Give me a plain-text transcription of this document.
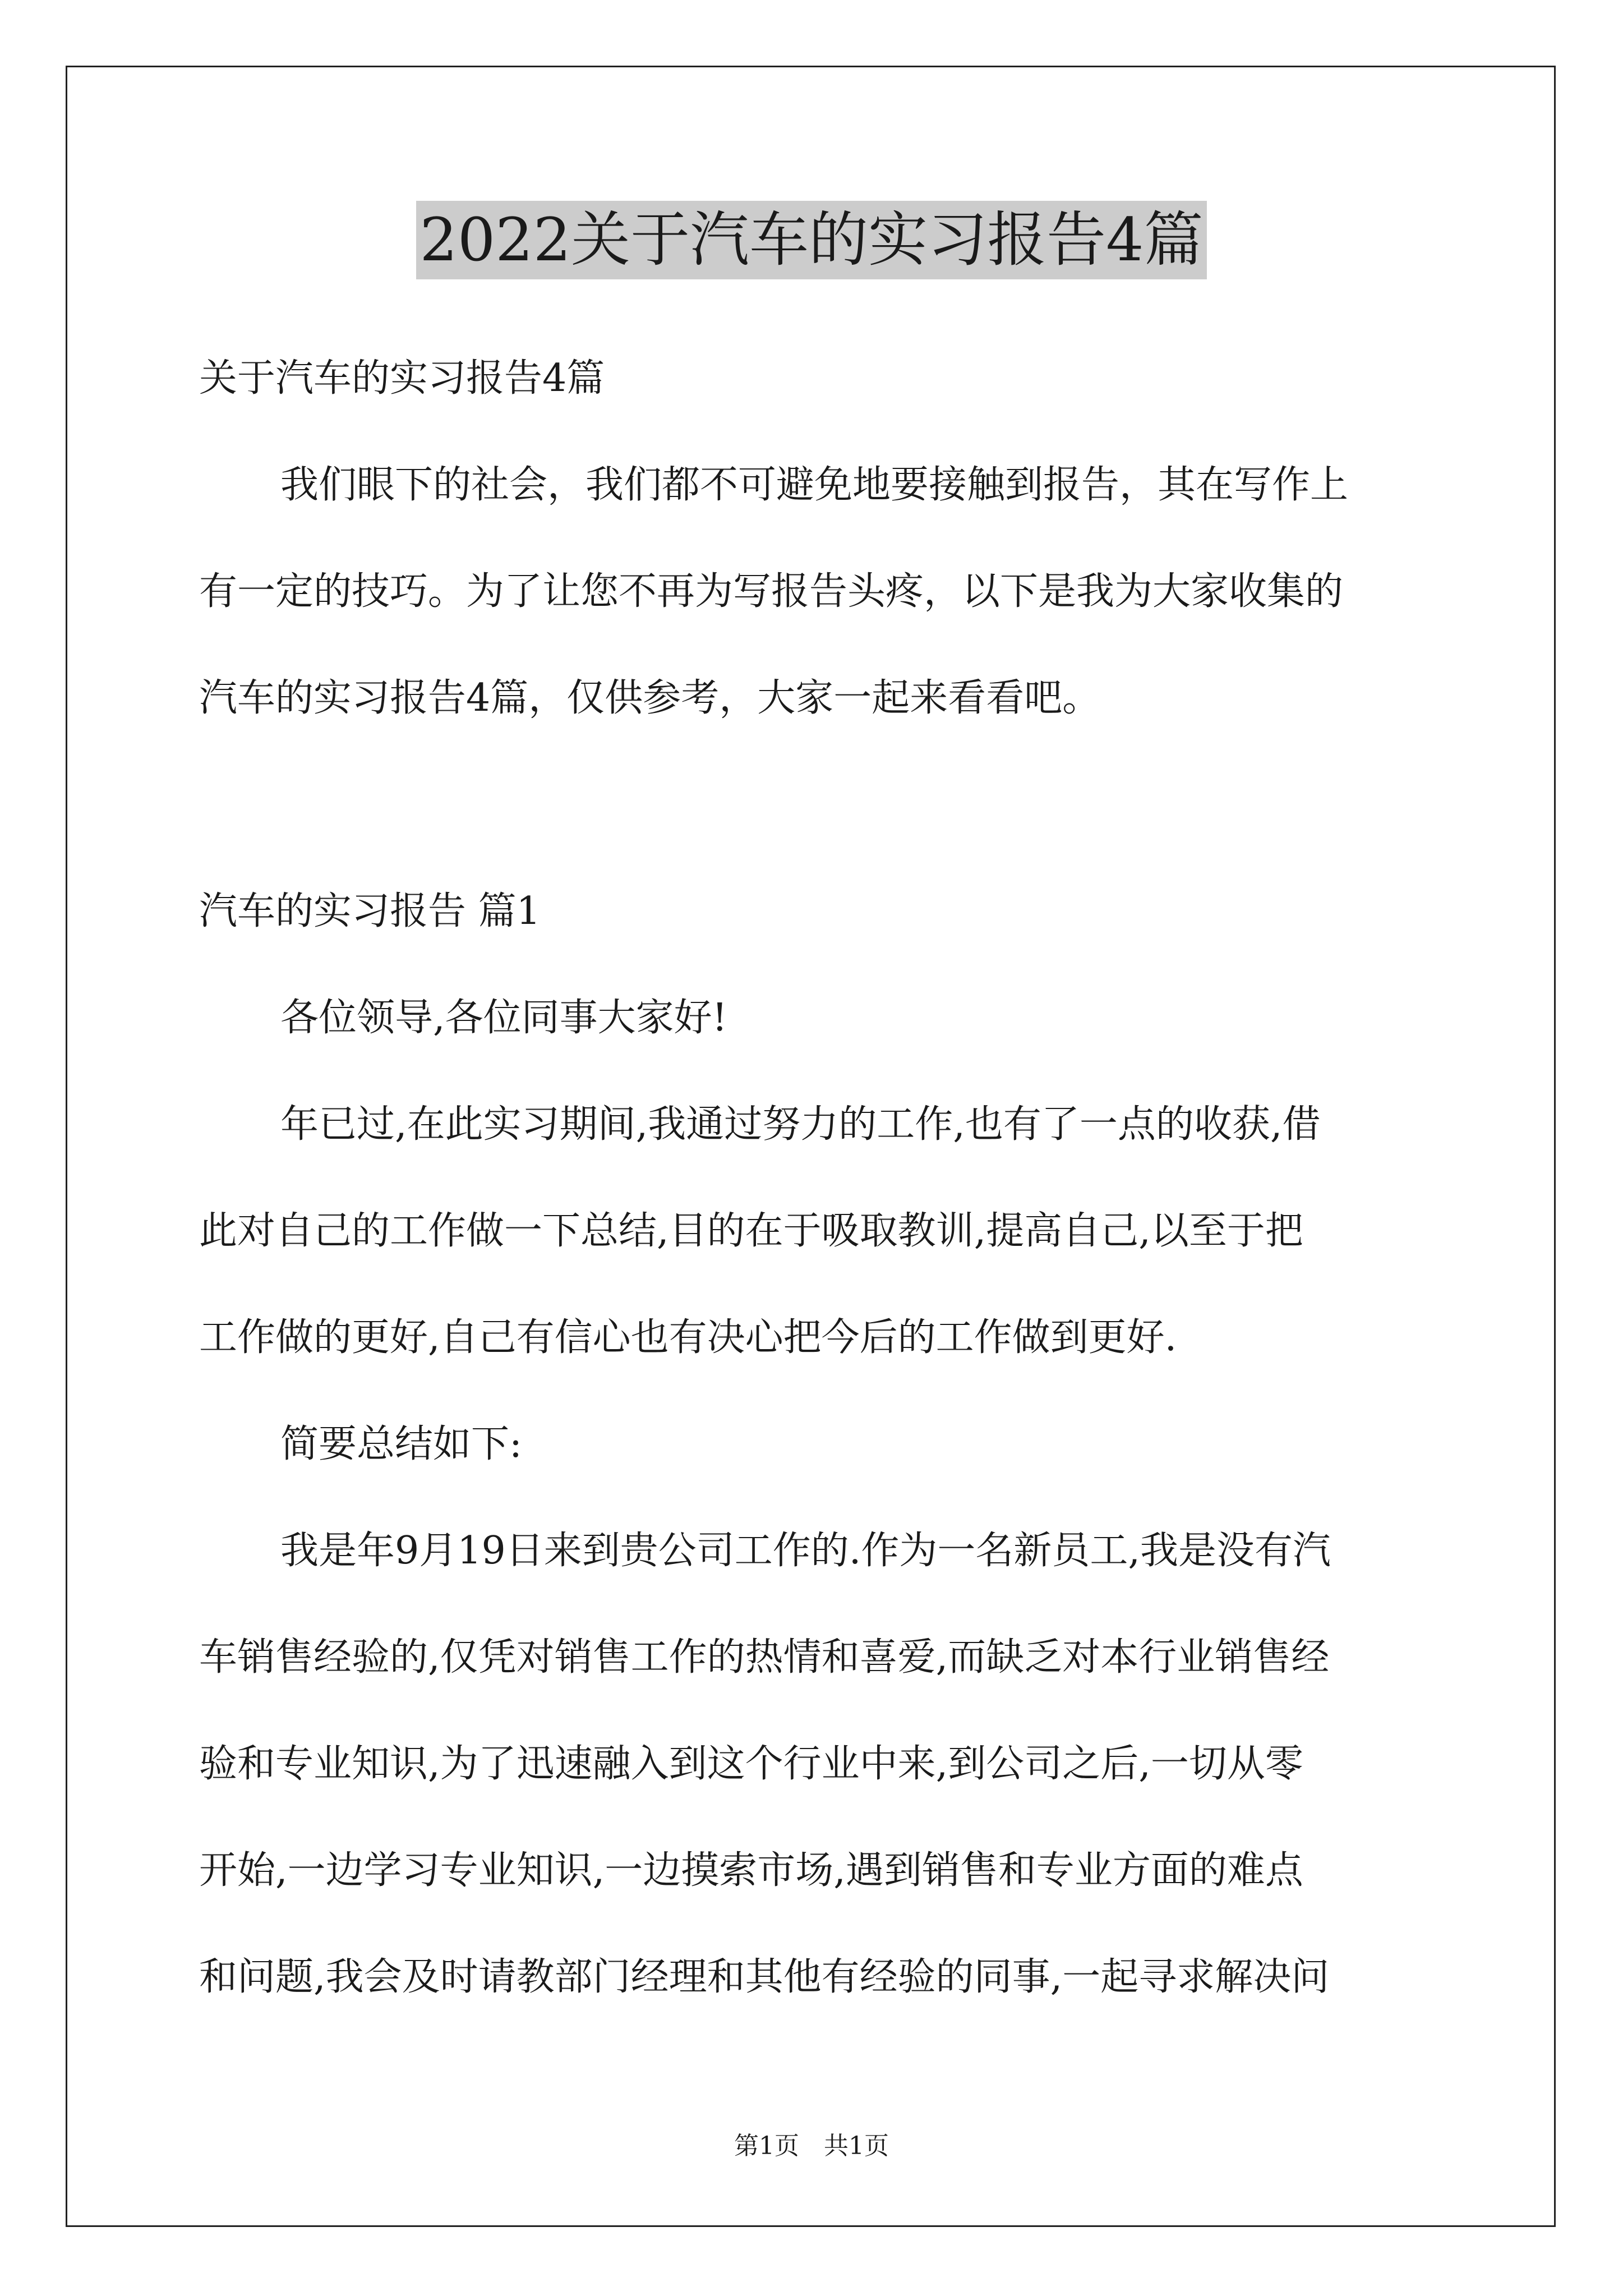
2022关于汽车的实习报告4篇
关于汽车的实习报告4篇
我们眼下的社会，我们都不可避免地要接触到报告，其在写作上
有一定的技巧。为了让您不再为写报告头疼，以下是我为大家收集的
汽车的实习报告4篇，仅供参考，大家一起来看看吧。
汽车的实习报告 篇1
各位领导,各位同事大家好!
年已过,在此实习期间,我通过努力的工作,也有了一点的收获,借
此对自己的工作做一下总结,目的在于吸取教训,提高自己,以至于把
工作做的更好,自己有信心也有决心把今后的工作做到更好.
简要总结如下:
我是年9月19日来到贵公司工作的.作为一名新员工,我是没有汽
车销售经验的,仅凭对销售工作的热情和喜爱,而缺乏对本行业销售经
验和专业知识,为了迅速融入到这个行业中来,到公司之后,一切从零
开始,一边学习专业知识,一边摸索市场,遇到销售和专业方面的难点
和问题,我会及时请教部门经理和其他有经验的同事,一起寻求解决问
第1页　共1页
